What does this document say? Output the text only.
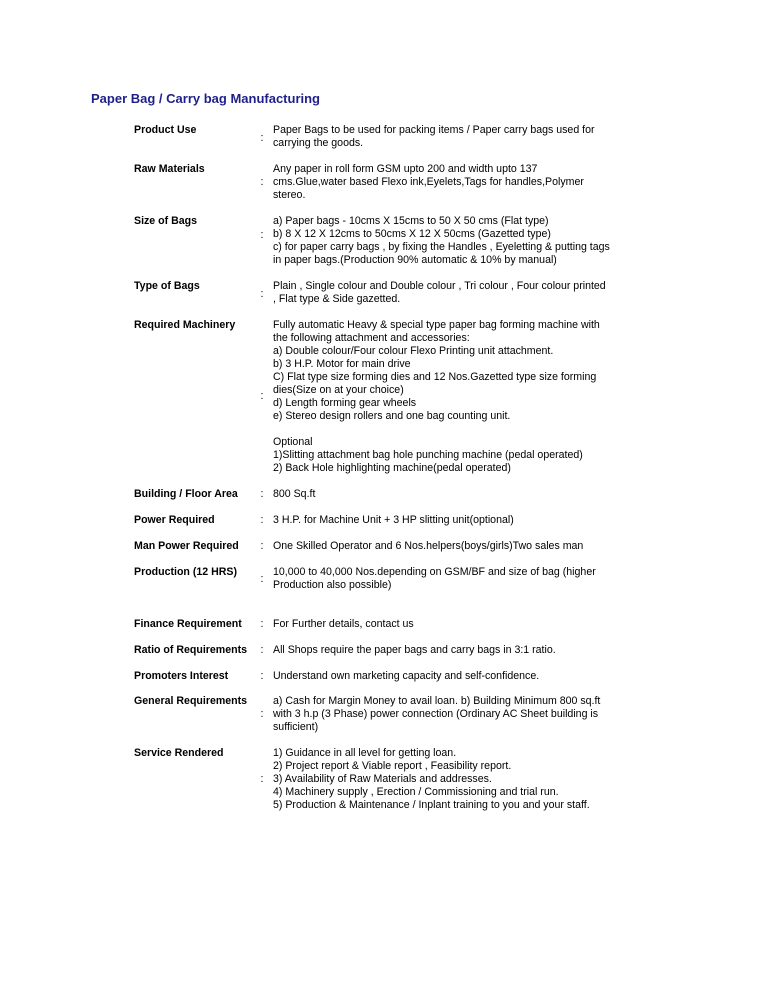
Paper Bag / Carry bag Manufacturing
Product Use
:
Paper Bags to be used for packing items / Paper carry bags used for
carrying the goods.
Raw Materials
:
Any paper in roll form GSM upto 200 and width upto 137
cms.Glue,water based Flexo ink,Eyelets,Tags for handles,Polymer
stereo.
Size of Bags
:
a) Paper bags - 10cms X 15cms to 50 X 50 cms (Flat type)
b) 8 X 12 X 12cms to 50cms X 12 X 50cms (Gazetted type)
c) for paper carry bags , by fixing the Handles , Eyeletting & putting tags
in paper bags.(Production 90% automatic & 10% by manual)
Type of Bags
:
Plain , Single colour and Double colour , Tri colour , Four colour printed
, Flat type & Side gazetted.
Required Machinery
:
Fully automatic Heavy & special type paper bag forming machine with
the following attachment and accessories:
a) Double colour/Four colour Flexo Printing unit attachment.
b) 3 H.P. Motor for main drive
C) Flat type size forming dies and 12 Nos.Gazetted type size forming
dies(Size on at your choice)
d) Length forming gear wheels
e) Stereo design rollers and one bag counting unit.
Optional
1)Slitting attachment bag hole punching machine (pedal operated)
2) Back Hole highlighting machine(pedal operated)
Building / Floor Area	: 800 Sq.ft
Power Required	: 3 H.P. for Machine Unit + 3 HP slitting unit(optional)
Man Power Required	: One Skilled Operator and 6 Nos.helpers(boys/girls)Two sales man
Production (12 HRS)
:
10,000 to 40,000 Nos.depending on GSM/BF and size of bag (higher
Production also possible)
Finance Requirement	: For Further details, contact us
Ratio of Requirements	: All Shops require the paper bags and carry bags in 3:1 ratio.
Promoters Interest	: Understand own marketing capacity and self-confidence.
General Requirements
:
a) Cash for Margin Money to avail loan. b) Building Minimum 800 sq.ft
with 3 h.p (3 Phase) power connection (Ordinary AC Sheet building is
sufficient)
Service Rendered
:
1) Guidance in all level for getting loan.
2) Project report & Viable report , Feasibility report.
3) Availability of Raw Materials and addresses.
4) Machinery supply , Erection / Commissioning and trial run.
5) Production & Maintenance / Inplant training to you and your staff.
